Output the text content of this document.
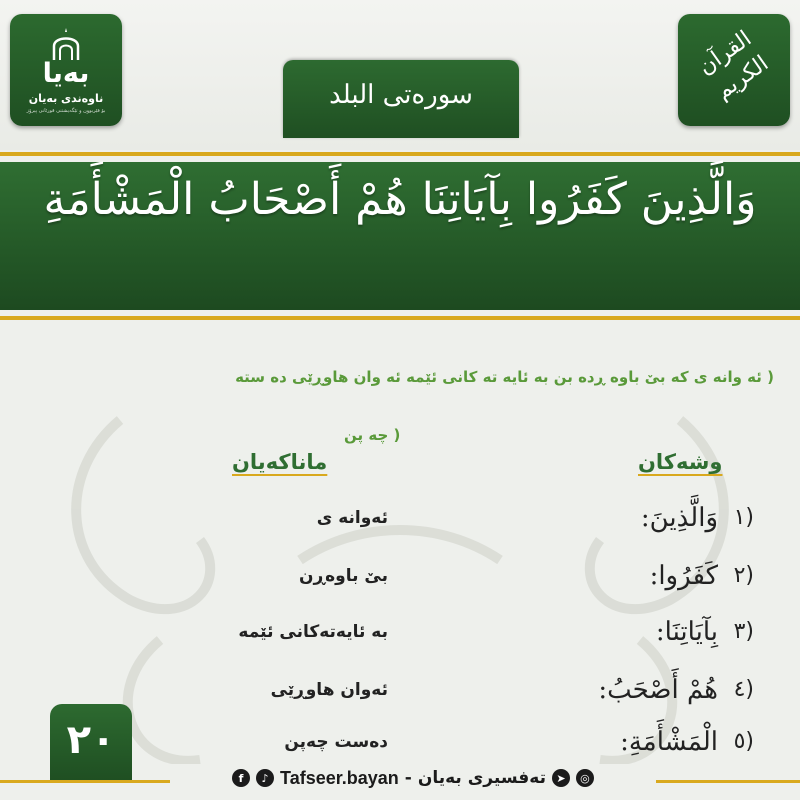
بەیا
ناوەندی بەیان
بۆ فێربوون و تێگەیشتنی قورئانی پیرۆز
القرآن الكريم
سورەتی البلد
وَالَّذِينَ كَفَرُوا بِآيَاتِنَا هُمْ أَصْحَابُ الْمَشْأَمَةِ
( ئه وانه ی كه بێ باوه ڕده بن به ئایه ته كانی ئێمه ئه وان هاوڕێی ده سته
چه پن )
وشەکان
ماناکەیان
١)
وَالَّذِينَ:
ئەوانە ی
٢)
كَفَرُوا:
بێ باوەڕن
٣)
بِآيَاتِنَا:
بە ئایەتەکانی ئێمە
٤)
هُمْ أَصْحَبُ:
ئەوان هاوڕێی
٥)
الْمَشْأَمَةِ:
دەست چەپن
٢٠
f	♪ Tafseer.bayan - تەفسیری بەیان ➤	◎
